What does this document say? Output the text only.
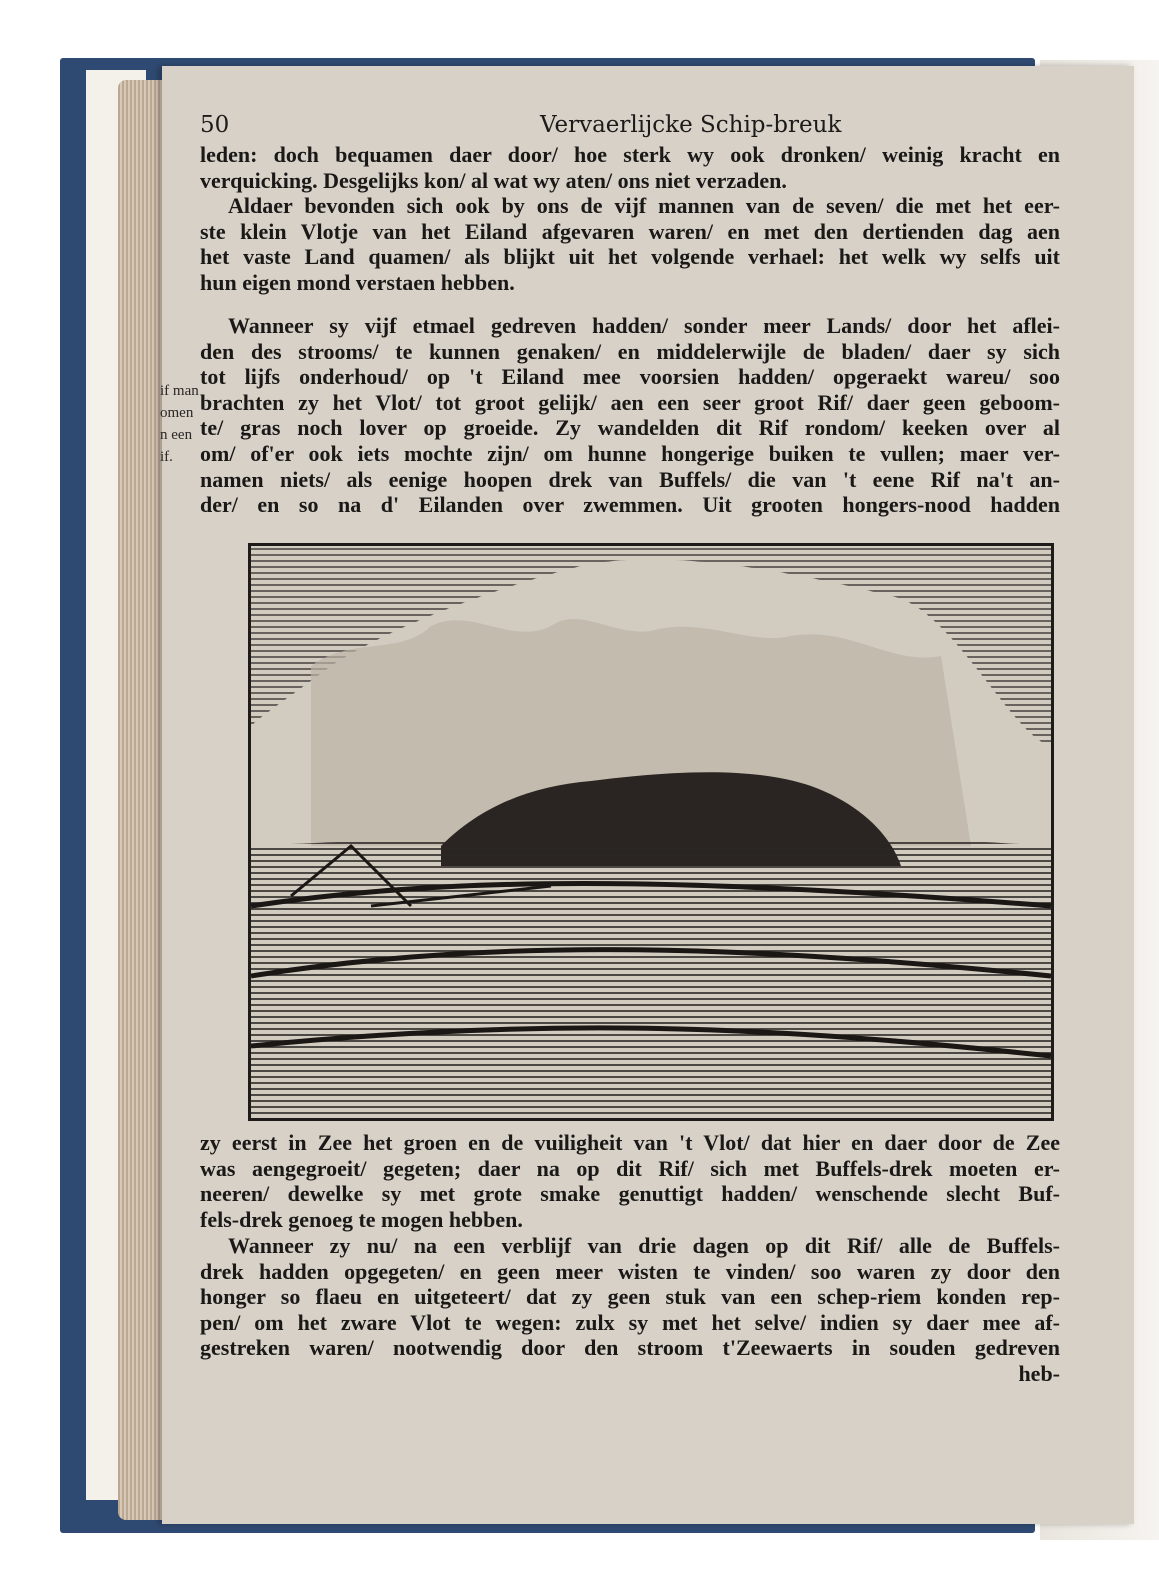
50	Vervaerlijcke Schip-breuk
if man
omen
n een
if.
leden: doch bequamen daer door/ hoe sterk wy ook dronken/ weinig kracht en
verquicking. Desgelijks kon/ al wat wy aten/ ons niet verzaden.
Aldaer bevonden sich ook by ons de vijf mannen van de seven/ die met het eer-
ste klein Vlotje van het Eiland afgevaren waren/ en met den dertienden dag aen
het vaste Land quamen/ als blijkt uit het volgende verhael: het welk wy selfs uit
hun eigen mond verstaen hebben.
Wanneer sy vijf etmael gedreven hadden/ sonder meer Lands/ door het aflei-
den des strooms/ te kunnen genaken/ en middelerwijle de bladen/ daer sy sich
tot lijfs onderhoud/ op 't Eiland mee voorsien hadden/ opgeraekt wareu/ soo
brachten zy het Vlot/ tot groot gelijk/ aen een seer groot Rif/ daer geen geboom-
te/ gras noch lover op groeide. Zy wandelden dit Rif rondom/ keeken over al
om/ of'er ook iets mochte zijn/ om hunne hongerige buiken te vullen; maer ver-
namen niets/ als eenige hoopen drek van Buffels/ die van 't eene Rif na't an-
der/ en so na d' Eilanden over zwemmen. Uit grooten hongers-nood hadden
zy eerst in Zee het groen en de vuiligheit van 't Vlot/ dat hier en daer door de Zee
was aengegroeit/ gegeten; daer na op dit Rif/ sich met Buffels-drek moeten er-
neeren/ dewelke sy met grote smake genuttigt hadden/ wenschende slecht Buf-
fels-drek genoeg te mogen hebben.
Wanneer zy nu/ na een verblijf van drie dagen op dit Rif/ alle de Buffels-
drek hadden opgegeten/ en geen meer wisten te vinden/ soo waren zy door den
honger so flaeu en uitgeteert/ dat zy geen stuk van een schep-riem konden rep-
pen/ om het zware Vlot te wegen: zulx sy met het selve/ indien sy daer mee af-
gestreken waren/ nootwendig door den stroom t'Zeewaerts in souden gedreven
heb-
